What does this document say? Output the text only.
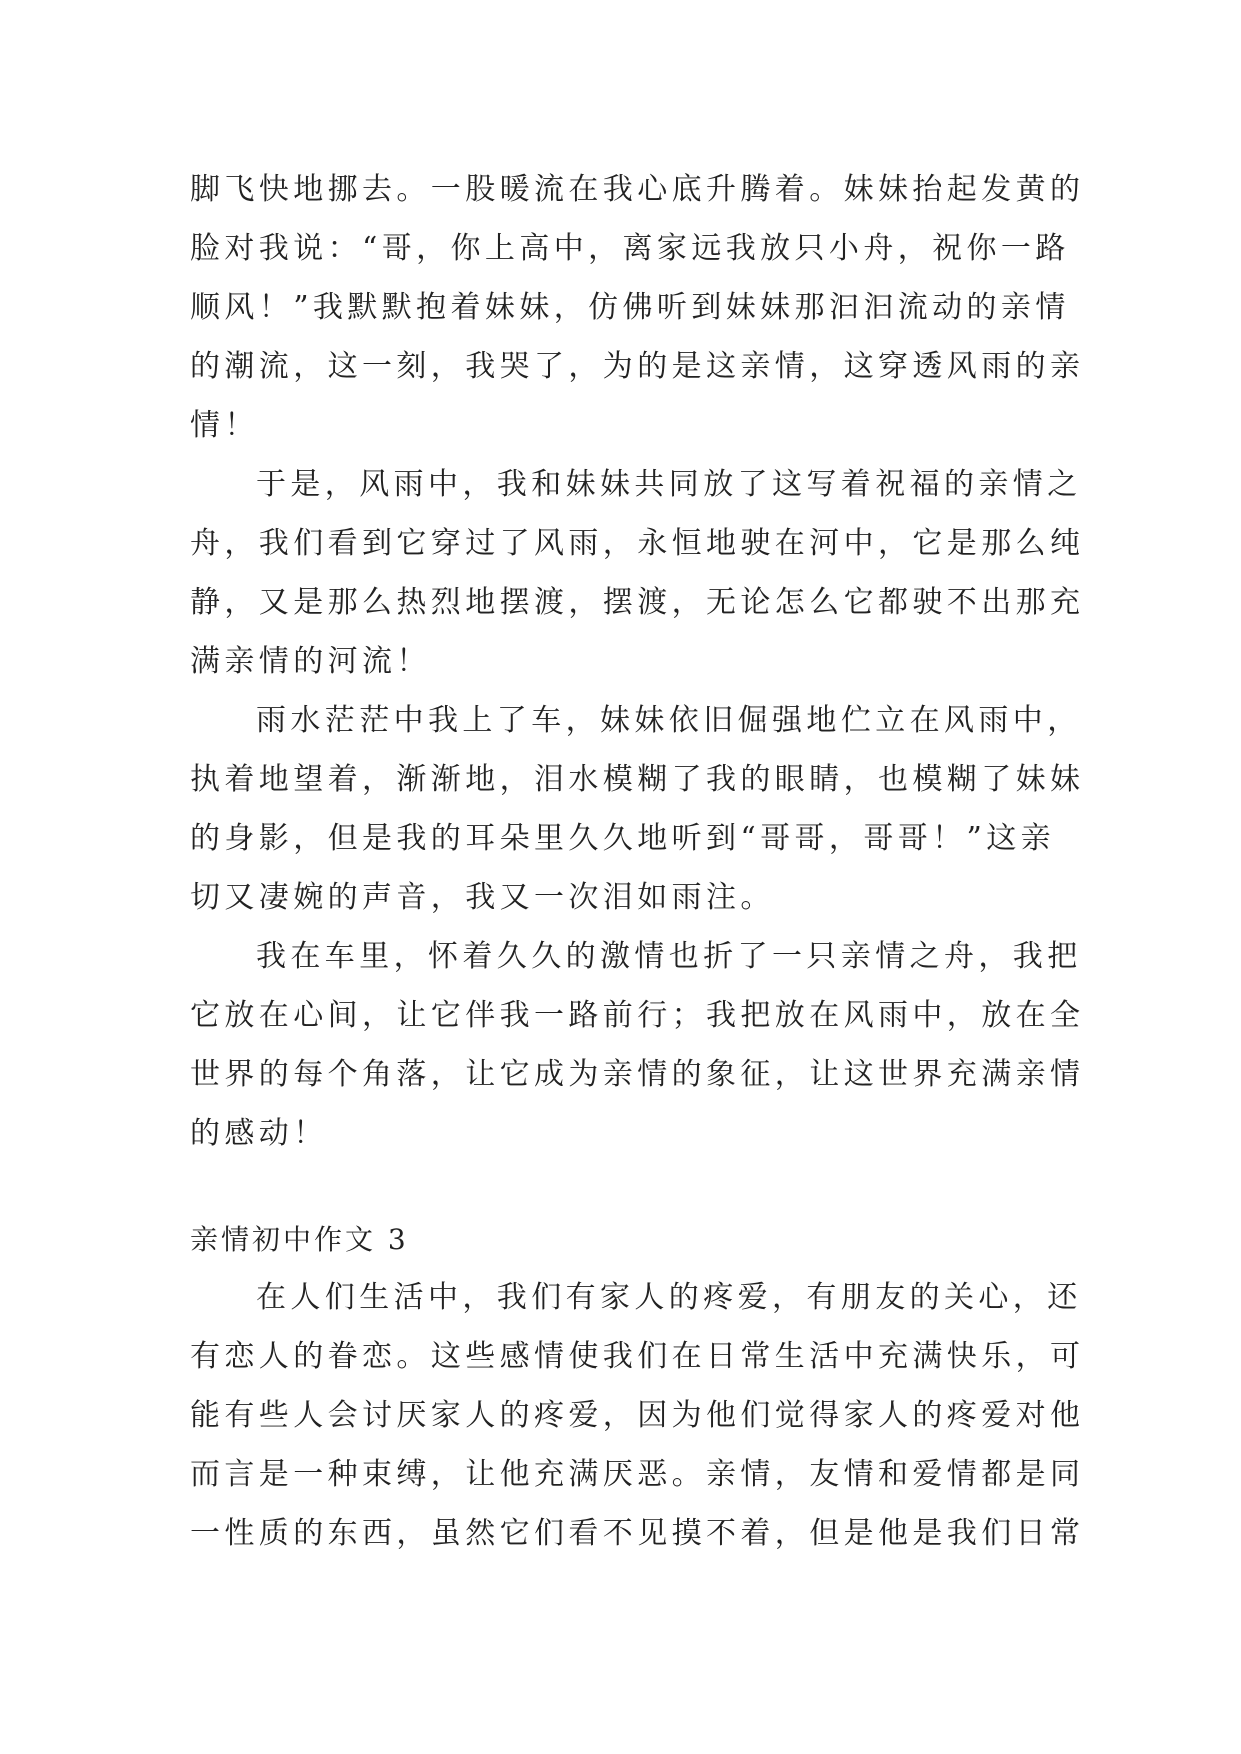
脚飞快地挪去。一股暖流在我心底升腾着。妹妹抬起发黄的
脸对我说：“哥，你上高中，离家远我放只小舟，祝你一路
顺风！”我默默抱着妹妹，仿佛听到妹妹那汩汩流动的亲情
的潮流，这一刻，我哭了，为的是这亲情，这穿透风雨的亲
情！
于是，风雨中，我和妹妹共同放了这写着祝福的亲情之
舟，我们看到它穿过了风雨，永恒地驶在河中，它是那么纯
静，又是那么热烈地摆渡，摆渡，无论怎么它都驶不出那充
满亲情的河流！
雨水茫茫中我上了车，妹妹依旧倔强地伫立在风雨中，
执着地望着，渐渐地，泪水模糊了我的眼睛，也模糊了妹妹
的身影，但是我的耳朵里久久地听到“哥哥，哥哥！”这亲
切又凄婉的声音，我又一次泪如雨注。
我在车里，怀着久久的激情也折了一只亲情之舟，我把
它放在心间，让它伴我一路前行；我把放在风雨中，放在全
世界的每个角落，让它成为亲情的象征，让这世界充满亲情
的感动！
亲情初中作文 3
在人们生活中，我们有家人的疼爱，有朋友的关心，还
有恋人的眷恋。这些感情使我们在日常生活中充满快乐，可
能有些人会讨厌家人的疼爱，因为他们觉得家人的疼爱对他
而言是一种束缚，让他充满厌恶。亲情，友情和爱情都是同
一性质的东西，虽然它们看不见摸不着，但是他是我们日常
